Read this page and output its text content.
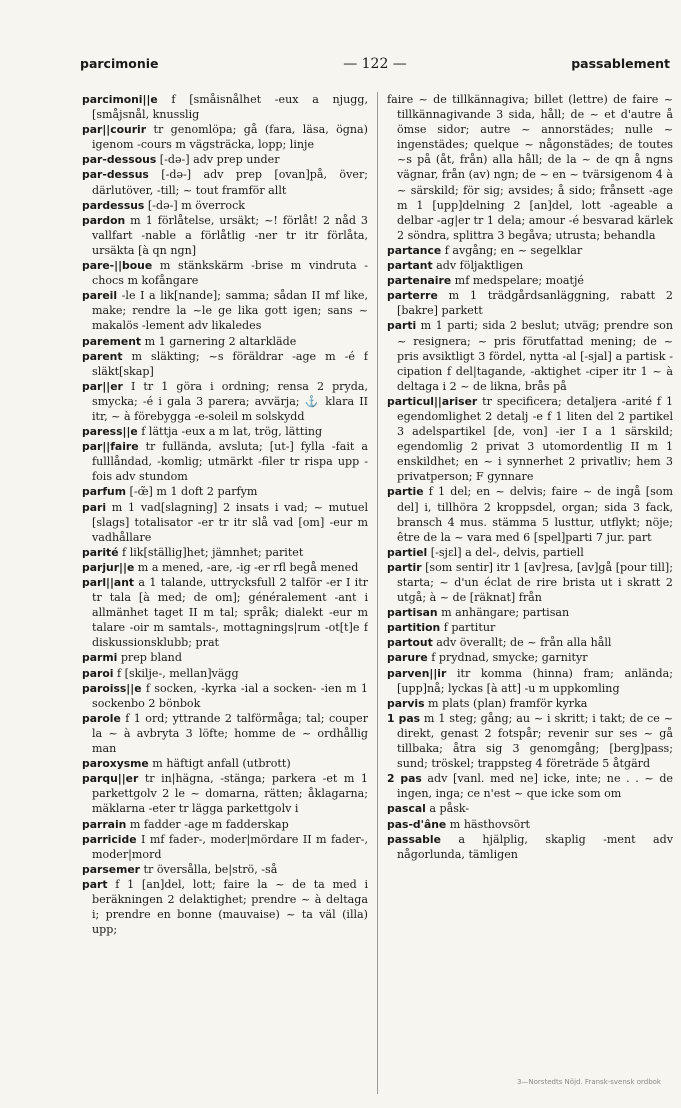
parcimonie	— 122 —	passablement

parcimoni||e f [småisnålhet -eux a njugg, [småjsnål, knusslig

par||courir tr genomlöpa; gå (fara, läsa, ögna) igenom -cours m vägsträcka, lopp; linje

par-dessous [-dǝ-] adv prep under

par-dessus [-dǝ-] adv prep [ovan]på, över; därlutöver, -till; ~ tout framför allt

pardessus [-dǝ-] m överrock

pardon m 1 förlåtelse, ursäkt; ~! förlåt! 2 nåd 3 vallfart -nable a förlåtlig -ner tr itr förlåta, ursäkta [à qn ngn]

pare-||boue m stänkskärm -brise m vindruta -chocs m kofångare

pareil -le I a lik[nande]; samma; sådan II mf like, make; rendre la ~le ge lika gott igen; sans ~ makalös -lement adv likaledes

parement m 1 garnering 2 altarkläde

parent m släkting; ~s föräldrar -age m -é f släkt[skap]

par||er I tr 1 göra i ordning; rensa 2 pryda, smycka; -é i gala 3 parera; avvärja; ⚓ klara II itr, ~ à förebygga -e-soleil m solskydd

paress||e f lättja -eux a m lat, trög, lätting

par||faire tr fullända, avsluta; [ut-] fylla -fait a fulllåndad, -komlig; utmärkt -filer tr rispa upp -fois adv stundom

parfum [-œ̃] m 1 doft 2 parfym

pari m 1 vad[slagning] 2 insats i vad; ~ mutuel [slags] totalisator -er tr itr slå vad [om] -eur m vadhållare

parité f lik[ställig]het; jämnhet; paritet

parjur||e m a mened, -are, -ig -er rfl begå mened

parl||ant a 1 talande, uttrycksfull 2 talför -er I itr tr tala [à med; de om]; généralement -ant i allmänhet taget II m tal; språk; dialekt -eur m talare -oir m samtals-, mottagnings|rum -ot[t]e f diskussionsklubb; prat

parmi prep bland

paroi f [skilje-, mellan]vägg

paroiss||e f socken, -kyrka -ial a socken- -ien m 1 sockenbo 2 bönbok

parole f 1 ord; yttrande 2 talförmåga; tal; couper la ~ à avbryta 3 löfte; homme de ~ ordhållig man

paroxysme m häftigt anfall (utbrott)

parqu||er tr in|hägna, -stänga; parkera -et m 1 parkettgolv 2 le ~ domarna, rätten; åklagarna; mäklarna -eter tr lägga parkettgolv i

parrain m fadder -age m fadderskap

parricide I mf fader-, moder|mördare II m fader-, moder|mord

parsemer tr översålla, be|strö, -så

part f 1 [an]del, lott; faire la ~ de ta med i beräkningen 2 delaktighet; prendre ~ à deltaga i; prendre en bonne (mauvaise) ~ ta väl (illa) upp;

faire ~ de tillkännagiva; billet (lettre) de faire ~ tillkännagivande 3 sida, håll; de ~ et d'autre å ömse sidor; autre ~ annorstädes; nulle ~ ingenstädes; quelque ~ någonstädes; de toutes ~s på (åt, från) alla håll; de la ~ de qn å ngns vägnar, från (av) ngn; de ~ en ~ tvärsigenom 4 à ~ särskild; för sig; avsides; å sido; frånsett -age m 1 [upp]delning 2 [an]del, lott -ageable a delbar -ag|er tr 1 dela; amour -é besvarad kärlek 2 söndra, splittra 3 begåva; utrusta; behandla

partance f avgång; en ~ segelklar

partant adv följaktligen

partenaire mf medspelare; moatjé

parterre m 1 trädgårdsanläggning, rabatt 2 [bakre] parkett

parti m 1 parti; sida 2 beslut; utväg; prendre son ~ resignera; ~ pris förutfattad mening; de ~ pris avsiktligt 3 fördel, nytta -al [-sjal] a partisk -cipation f del|tagande, -aktighet -ciper itr 1 ~ à deltaga i 2 ~ de likna, brås på

particul||ariser tr specificera; detaljera -arité f 1 egendomlighet 2 detalj -e f 1 liten del 2 partikel 3 adelspartikel [de, von] -ier I a 1 särskild; egendomlig 2 privat 3 utomordentlig II m 1 enskildhet; en ~ i synnerhet 2 privatliv; hem 3 privatperson; F gynnare

partie f 1 del; en ~ delvis; faire ~ de ingå [som del] i, tillhöra 2 kroppsdel, organ; sida 3 fack, bransch 4 mus. stämma 5 lusttur, utflykt; nöje; être de la ~ vara med 6 [spel]parti 7 jur. part

partiel [-sjɛl] a del-, delvis, partiell

partir [som sentir] itr 1 [av]resa, [av]gå [pour till]; starta; ~ d'un éclat de rire brista ut i skratt 2 utgå; à ~ de [räknat] från

partisan m anhängare; partisan

partition f partitur

partout adv överallt; de ~ från alla håll

parure f prydnad, smycke; garnityr

parven||ir itr komma (hinna) fram; anlända; [upp]nå; lyckas [à att] -u m uppkomling

parvis m plats (plan) framför kyrka

1 pas m 1 steg; gång; au ~ i skritt; i takt; de ce ~ direkt, genast 2 fotspår; revenir sur ses ~ gå tillbaka; åtra sig 3 genomgång; [berg]pass; sund; tröskel; trappsteg 4 företräde 5 åtgärd

2 pas adv [vanl. med ne] icke, inte; ne . . ~ de ingen, inga; ce n'est ~ que icke som om

pascal a påsk-

pas-d'âne m hästhovsört

passable a hjälplig, skaplig -ment adv någorlunda, tämligen

3—Norstedts Nöjd. Fransk-svensk ordbok
